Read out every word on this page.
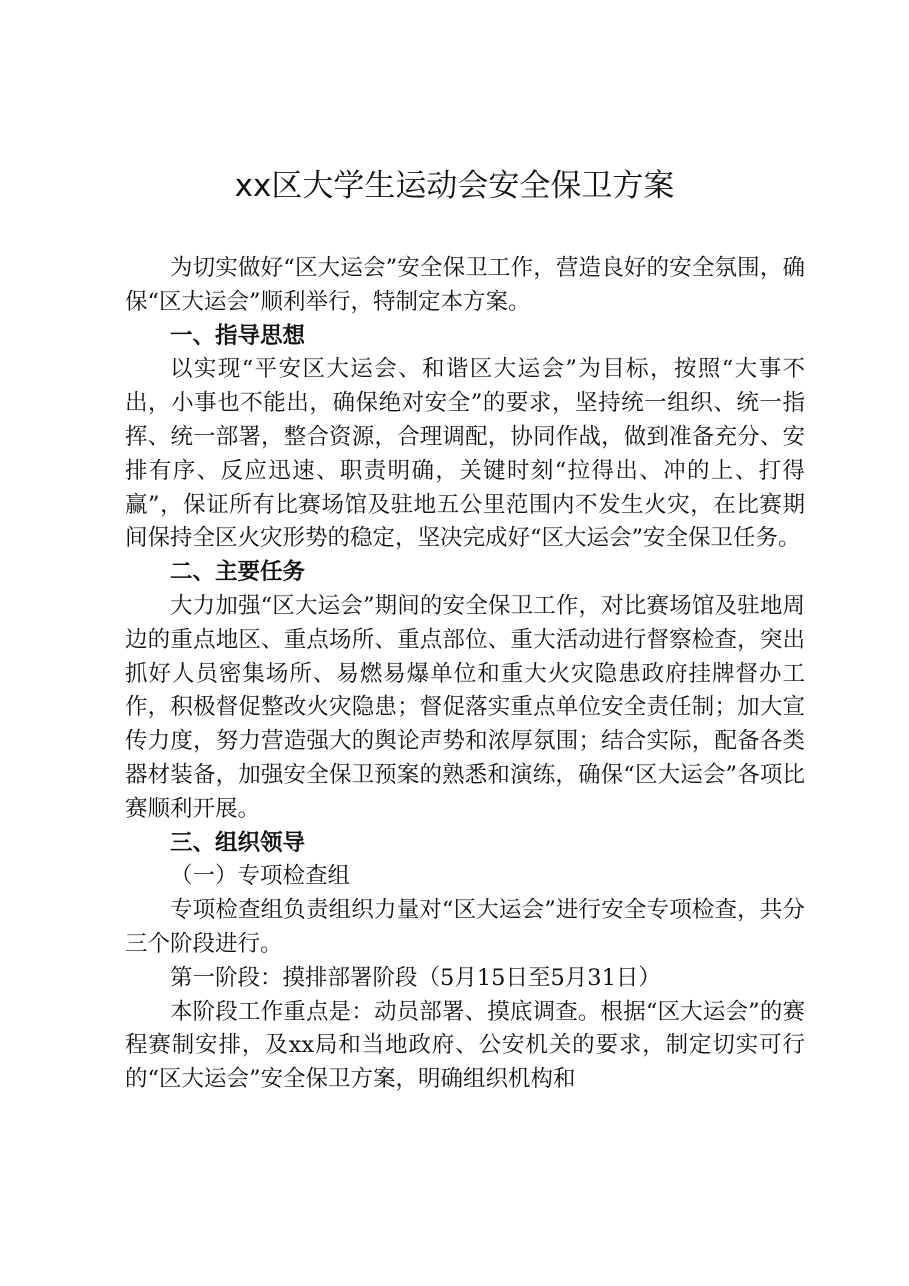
xx区大学生运动会安全保卫方案

为切实做好“区大运会”安全保卫工作，营造良好的安全氛围，确保“区大运会”顺利举行，特制定本方案。

一、指导思想

以实现“平安区大运会、和谐区大运会”为目标，按照“大事不出，小事也不能出，确保绝对安全”的要求，坚持统一组织、统一指挥、统一部署，整合资源，合理调配，协同作战，做到准备充分、安排有序、反应迅速、职责明确，关键时刻“拉得出、冲的上、打得赢”，保证所有比赛场馆及驻地五公里范围内不发生火灾，在比赛期间保持全区火灾形势的稳定，坚决完成好“区大运会”安全保卫任务。

二、主要任务

大力加强“区大运会”期间的安全保卫工作，对比赛场馆及驻地周边的重点地区、重点场所、重点部位、重大活动进行督察检查，突出抓好人员密集场所、易燃易爆单位和重大火灾隐患政府挂牌督办工作，积极督促整改火灾隐患；督促落实重点单位安全责任制；加大宣传力度，努力营造强大的舆论声势和浓厚氛围；结合实际，配备各类器材装备，加强安全保卫预案的熟悉和演练，确保“区大运会”各项比赛顺利开展。

三、组织领导

（一）专项检查组

专项检查组负责组织力量对“区大运会”进行安全专项检查，共分三个阶段进行。

第一阶段：摸排部署阶段（5月15日至5月31日）

本阶段工作重点是：动员部署、摸底调查。根据“区大运会”的赛程赛制安排，及xx局和当地政府、公安机关的要求，制定切实可行的“区大运会”安全保卫方案，明确组织机构和
